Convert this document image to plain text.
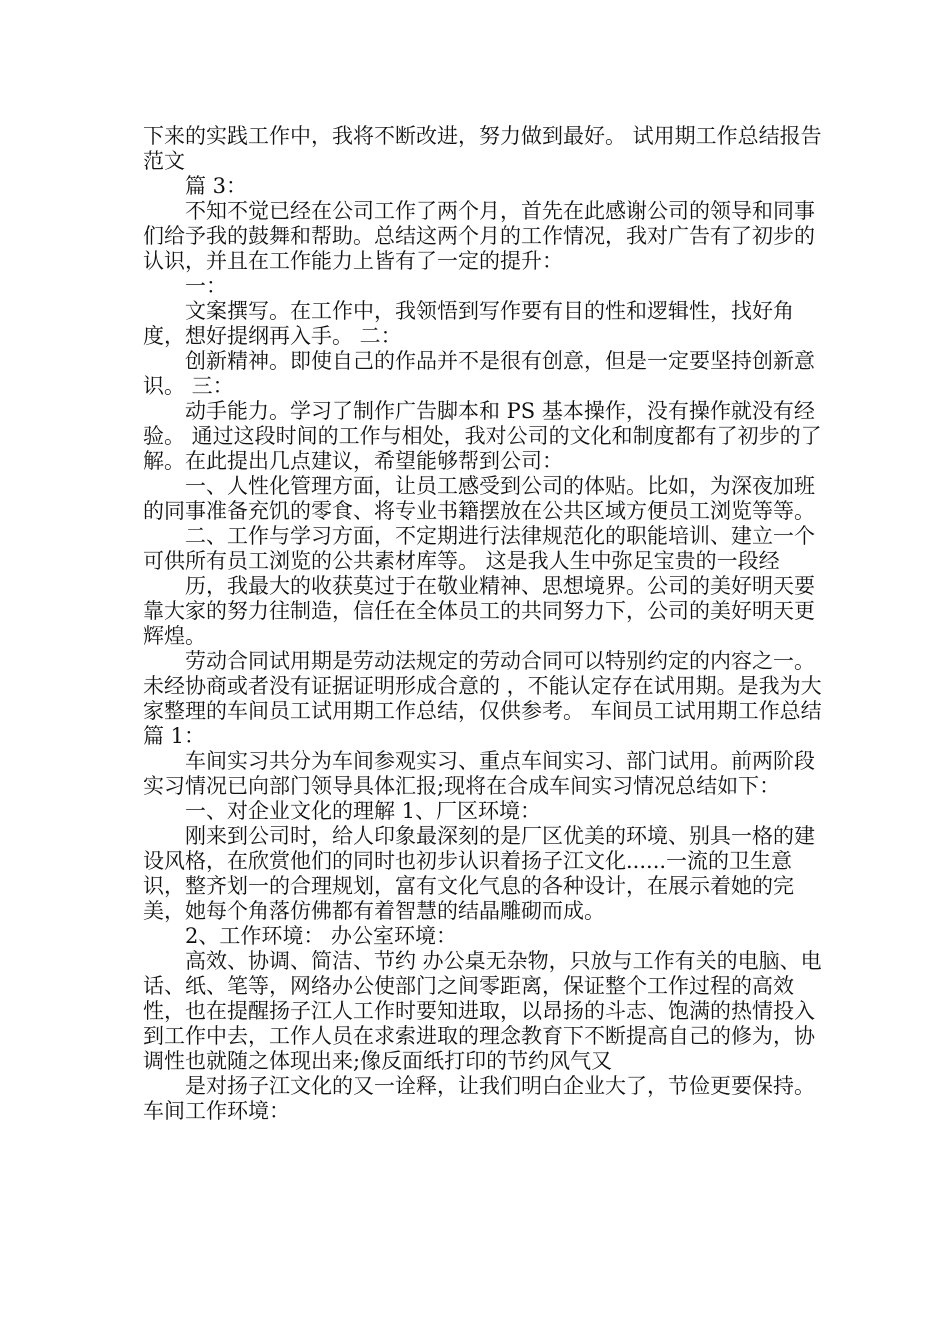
下来的实践工作中，我将不断改进，努力做到最好。 试用期工作总结报告范文

篇 3：

不知不觉已经在公司工作了两个月，首先在此感谢公司的领导和同事们给予我的鼓舞和帮助。总结这两个月的工作情况，我对广告有了初步的认识，并且在工作能力上皆有了一定的提升：

一：

文案撰写。在工作中，我领悟到写作要有目的性和逻辑性，找好角度，想好提纲再入手。 二：

创新精神。即使自己的作品并不是很有创意，但是一定要坚持创新意识。 三：

动手能力。学习了制作广告脚本和 PS 基本操作，没有操作就没有经验。 通过这段时间的工作与相处，我对公司的文化和制度都有了初步的了解。在此提出几点建议，希望能够帮到公司：

一、人性化管理方面，让员工感受到公司的体贴。比如，为深夜加班的同事准备充饥的零食、将专业书籍摆放在公共区域方便员工浏览等等。

二、工作与学习方面，不定期进行法律规范化的职能培训、建立一个可供所有员工浏览的公共素材库等。 这是我人生中弥足宝贵的一段经

历，我最大的收获莫过于在敬业精神、思想境界。公司的美好明天要靠大家的努力往制造，信任在全体员工的共同努力下，公司的美好明天更辉煌。

劳动合同试用期是劳动法规定的劳动合同可以特别约定的内容之一。未经协商或者没有证据证明形成合意的 ，不能认定存在试用期。是我为大家整理的车间员工试用期工作总结，仅供参考。 车间员工试用期工作总结篇 1：

车间实习共分为车间参观实习、重点车间实习、部门试用。前两阶段实习情况已向部门领导具体汇报;现将在合成车间实习情况总结如下：

一、对企业文化的理解 1、厂区环境：

刚来到公司时，给人印象最深刻的是厂区优美的环境、别具一格的建设风格，在欣赏他们的同时也初步认识着扬子江文化......一流的卫生意识，整齐划一的合理规划，富有文化气息的各种设计，在展示着她的完美，她每个角落仿佛都有着智慧的结晶雕砌而成。

2、工作环境： 办公室环境：

高效、协调、简洁、节约 办公桌无杂物，只放与工作有关的电脑、电话、纸、笔等，网络办公使部门之间零距离，保证整个工作过程的高效性，也在提醒扬子江人工作时要知进取，以昂扬的斗志、饱满的热情投入到工作中去，工作人员在求索进取的理念教育下不断提高自己的修为，协调性也就随之体现出来;像反面纸打印的节约风气又

是对扬子江文化的又一诠释，让我们明白企业大了，节俭更要保持。 车间工作环境：
